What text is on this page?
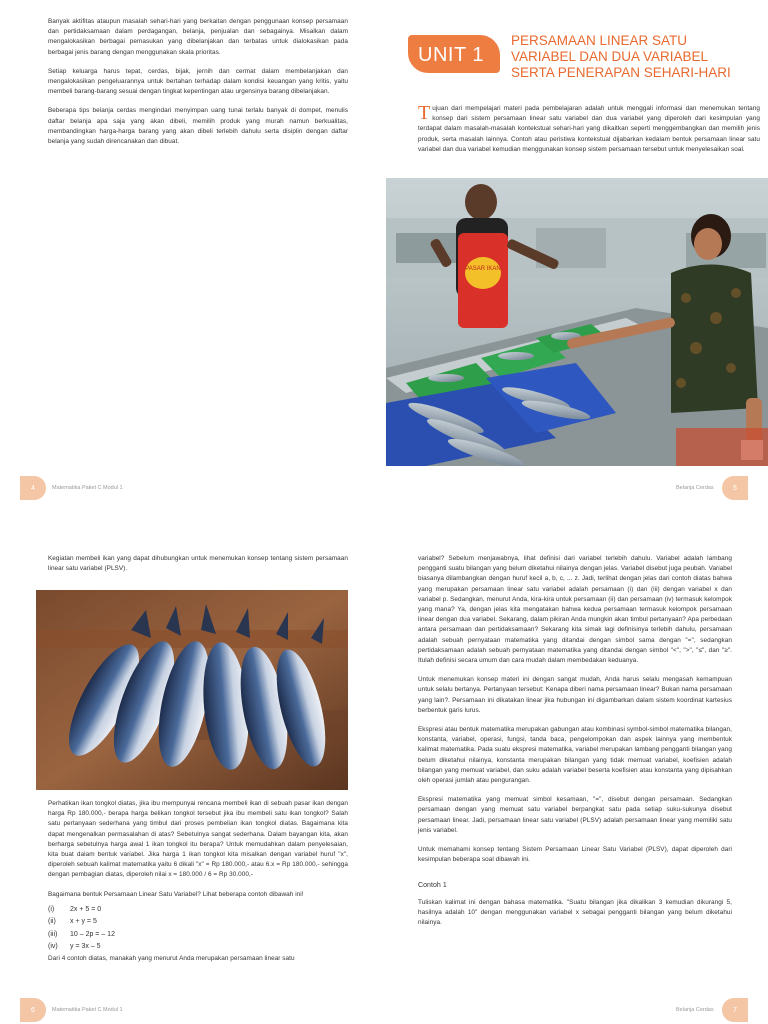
Banyak aktifitas ataupun masalah sehari-hari yang berkaitan dengan penggunaan konsep persamaan dan pertidaksamaan dalam perdagangan, belanja, penjualan dan sebagainya. Misalkan dalam mengalokasikan berbagai pemasukan yang dibelanjakan dan terbatas untuk dialokasikan pada berbagai jenis barang dengan menggunakan skala prioritas.

Setiap keluarga harus tepat, cerdas, bijak, jernih dan cermat dalam membelanjakan dan mengalokasikan pengeluarannya untuk bertahan terhadap dalam kondisi keuangan yang kritis, yaitu membeli barang-barang sesuai dengan tingkat kepentingan atau urgensinya barang dibelanjakan.

Beberapa tips belanja cerdas mengindari menyimpan uang tunai terlalu banyak di dompet, menulis daftar belanja apa saja yang akan dibeli, memilih produk yang murah namun berkualitas, membandingkan harga-harga barang yang akan dibeli terlebih dahulu serta disiplin dengan daftar belanja yang sudah direncanakan dan dibuat.

4	Matematika Paket C Modul 1
UNIT 1
PERSAMAAN LINEAR SATU VARIABEL DAN DUA VARIABEL SERTA PENERAPAN SEHARI-HARI
T ujuan dari mempelajari materi pada pembelajaran adalah untuk menggali informasi dan menemukan tentang konsep dari sistem persamaan linear satu variabel dan dua variabel yang diperoleh dari kesimpulan yang terdapat dalam masalah-masalah kontekstual sehari-hari yang dikaitkan seperti menggembangkan dan memilih jenis produk, serta masalah lainnya. Contoh atau peristiwa kontekstual dijabarkan kedalam bentuk persamaan linear satu variabel dan dua variabel kemudian menggunakan konsep sistem persamaan tersebut untuk menyelesaikan soal.

PASAR IKAN
5
Belanja Cerdas

Kegiatan membeli ikan yang dapat dihubungkan untuk menemukan konsep tentang sistem persamaan linear satu variabel (PLSV).

Perhatikan ikan tongkol diatas, jika ibu mempunyai rencana membeli ikan di sebuah pasar ikan dengan harga Rp 180.000,- berapa harga belikan tongkol tersebut jika ibu membeli satu ikan tongkol? Salah satu pertanyaan sederhana yang timbul dari proses pembelian ikan tongkol diatas. Bagaimana kita dapat mengenalkan permasalahan di atas? Sebetulnya sangat sederhana. Dalam bayangan kita, akan berharga sebetulnya harga awal 1 ikan tongkol itu berapa? Untuk memudahkan dalam penyelesaian, kita buat dalam bentuk variabel. Jika harga 1 ikan tongkol kita misalkan dengan variabel huruf "x", diperoleh sebuah kalimat matematika yaitu 6 dikali "x" = Rp 180.000,- atau 6.x = Rp 180.000,- sehingga dengan pembagian diatas, diperoleh nilai x = 180.000 / 6 = Rp 30.000,-

Bagaimana bentuk Persamaan Linear Satu Variabel? Lihat beberapa contoh dibawah ini!

(i) 2x + 5 = 0
(ii) x + y = 5
(iii) 10 – 2p = – 12
(iv) y = 3x – 5

Dari 4 contoh diatas, manakah yang menurut Anda merupakan persamaan linear satu

6	Matematika Paket C Modul 1

variabel? Sebelum menjawabnya, lihat definisi dari variabel terlebih dahulu. Variabel adalah lambang pengganti suatu bilangan yang belum diketahui nilainya dengan jelas. Variabel disebut juga peubah. Variabel biasanya dilambangkan dengan huruf kecil a, b, c, ... z. Jadi, terlihat dengan jelas dari contoh diatas bahwa yang merupakan persamaan linear satu variabel adalah persamaan (i) dan (iii) dengan variabel x dan variabel p. Sedangkan, menurut Anda, kira-kira untuk persamaan (ii) dan persamaan (iv) termasuk kelompok yang mana? Ya, dengan jelas kita mengatakan bahwa kedua persamaan termasuk kelompok persamaan linear dengan dua variabel. Sekarang, dalam pikiran Anda mungkin akan timbul pertanyaan? Apa perbedaan antara persamaan dan pertidaksamaan? Sekarang kita simak lagi definisinya terlebih dahulu, persamaan adalah sebuah pernyataan matematika yang ditandai dengan simbol sama dengan "=", sedangkan pertidaksamaan adalah sebuah pernyataan matematika yang ditandai dengan simbol "<", ">", "≤", dan "≥". Itulah definisi secara umum dan cara mudah dalam membedakan keduanya.

Untuk menemukan konsep materi ini dengan sangat mudah, Anda harus selalu mengasah kemampuan untuk selalu bertanya. Pertanyaan tersebut: Kenapa diberi nama persamaan linear? Bukan nama persamaan yang lain?. Persamaan ini dikatakan linear jika hubungan ini digambarkan dalam sistem koordinat kartesius berbentuk garis lurus.

Ekspresi atau bentuk matematika merupakan gabungan atau kombinasi symbol-simbol matematika bilangan, konstanta, variabel, operasi, fungsi, tanda baca, pengelompokan dan aspek lainnya yang membentuk kalimat matematika. Pada suatu ekspresi matematika, variabel merupakan lambang pengganti bilangan yang belum diketahui nilainya, konstanta merupakan bilangan yang tidak memuat variabel, koefisien adalah bilangan yang memuat variabel, dan suku adalah variabel beserta koefisien atau konstanta yang dipisahkan oleh operasi jumlah atau pengurangan.

Ekspresi matematika yang memuat simbol kesamaan, "=", disebut dengan persamaan. Sedangkan persamaan dengan yang memuat satu variabel berpangkat satu pada setiap suku-sukunya disebut persamaan linear. Jadi, persamaan linear satu variabel (PLSV) adalah persamaan linear yang memiliki satu jenis variabel.

Untuk memahami konsep tentang Sistem Persamaan Linear Satu Variabel (PLSV), dapat diperoleh dari kesimpulan beberapa soal dibawah ini.

Contoh 1

Tuliskan kalimat ini dengan bahasa matematika. "Suatu bilangan jika dikalikan 3 kemudian dikurangi 5, hasilnya adalah 10" dengan menggunakan variabel x sebagai pengganti bilangan yang belum diketahui nilainya.

7
Belanja Cerdas
